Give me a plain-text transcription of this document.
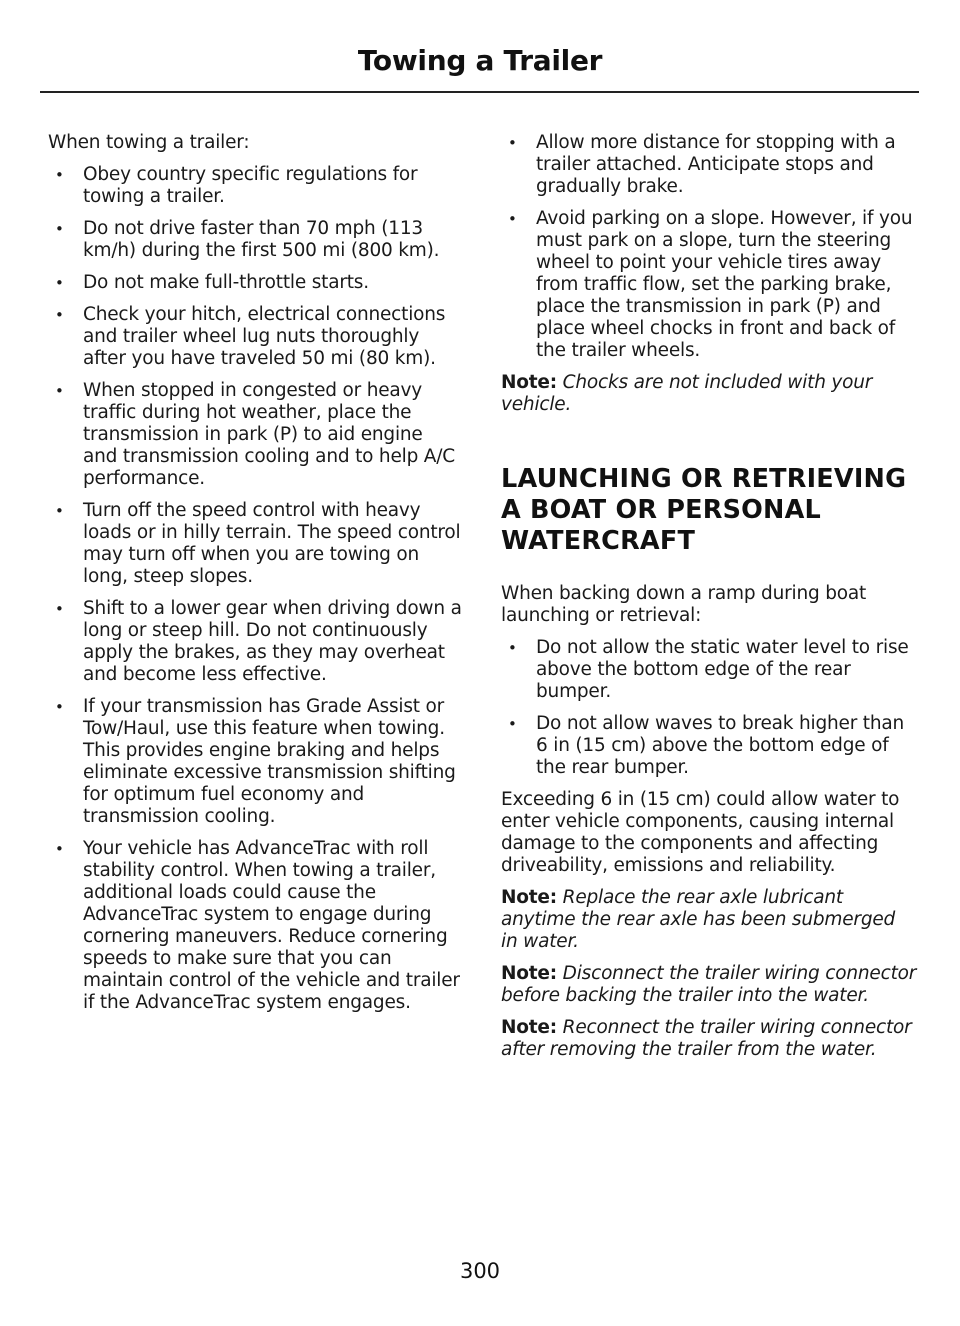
Towing a Trailer

When towing a trailer:

• Obey country specific regulations for towing a trailer.
• Do not drive faster than 70 mph (113 km/h) during the first 500 mi (800 km).
• Do not make full-throttle starts.
• Check your hitch, electrical connections and trailer wheel lug nuts thoroughly after you have traveled 50 mi (80 km).
• When stopped in congested or heavy traffic during hot weather, place the transmission in park (P) to aid engine and transmission cooling and to help A/C performance.
• Turn off the speed control with heavy loads or in hilly terrain. The speed control may turn off when you are towing on long, steep slopes.
• Shift to a lower gear when driving down a long or steep hill. Do not continuously apply the brakes, as they may overheat and become less effective.
• If your transmission has Grade Assist or Tow/Haul, use this feature when towing. This provides engine braking and helps eliminate excessive transmission shifting for optimum fuel economy and transmission cooling.
• Your vehicle has AdvanceTrac with roll stability control. When towing a trailer, additional loads could cause the AdvanceTrac system to engage during cornering maneuvers. Reduce cornering speeds to make sure that you can maintain control of the vehicle and trailer if the AdvanceTrac system engages.
• Allow more distance for stopping with a trailer attached. Anticipate stops and gradually brake.
• Avoid parking on a slope. However, if you must park on a slope, turn the steering wheel to point your vehicle tires away from traffic flow, set the parking brake, place the transmission in park (P) and place wheel chocks in front and back of the trailer wheels.

Note: Chocks are not included with your vehicle.

LAUNCHING OR RETRIEVING A BOAT OR PERSONAL WATERCRAFT

When backing down a ramp during boat launching or retrieval:

• Do not allow the static water level to rise above the bottom edge of the rear bumper.
• Do not allow waves to break higher than 6 in (15 cm) above the bottom edge of the rear bumper.

Exceeding 6 in (15 cm) could allow water to enter vehicle components, causing internal damage to the components and affecting driveability, emissions and reliability.

Note: Replace the rear axle lubricant anytime the rear axle has been submerged in water.

Note: Disconnect the trailer wiring connector before backing the trailer into the water.

Note: Reconnect the trailer wiring connector after removing the trailer from the water.

300
